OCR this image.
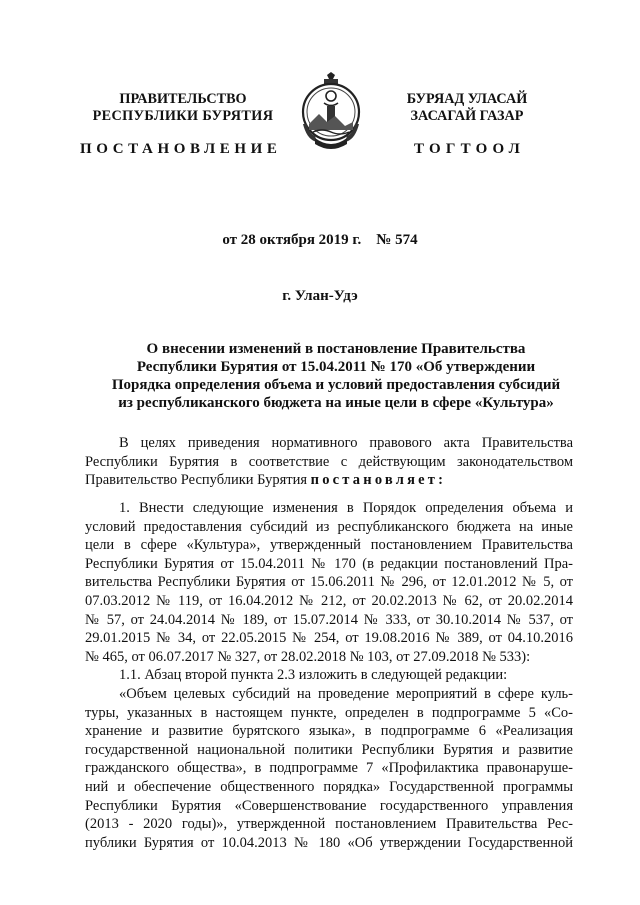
ПРАВИТЕЛЬСТВО
РЕСПУБЛИКИ БУРЯТИЯ
БУРЯАД УЛАСАЙ
ЗАСАГАЙ ГАЗАР
ПОСТАНОВЛЕНИЕ	ТОГТООЛ
от 28 октября 2019 г.    № 574
г. Улан-Удэ
О внесении изменений в постановление Правительства
Республики Бурятия от 15.04.2011 № 170 «Об утверждении
Порядка определения объема и условий предоставления субсидий
из республиканского бюджета на иные цели в сфере «Культура»
В целях приведения нормативного правового акта Правительства
Республики Бурятия в соответствие с действующим законодательством
Правительство Республики Бурятия постановляет:
1. Внести следующие изменения в Порядок определения объема и
условий предоставления субсидий из республиканского бюджета на иные
цели в сфере «Культура», утвержденный постановлением Правительства
Республики Бурятия от 15.04.2011 № 170 (в редакции постановлений Пра-
вительства Республики Бурятия от 15.06.2011 № 296, от 12.01.2012 № 5, от
07.03.2012 № 119, от 16.04.2012 № 212, от 20.02.2013 № 62, от 20.02.2014
№ 57, от 24.04.2014 № 189, от 15.07.2014 № 333, от 30.10.2014 № 537, от
29.01.2015 № 34, от 22.05.2015 № 254, от 19.08.2016 № 389, от 04.10.2016
№ 465, от 06.07.2017 № 327, от 28.02.2018 № 103, от 27.09.2018 № 533):
1.1. Абзац второй пункта 2.3 изложить в следующей редакции:
«Объем целевых субсидий на проведение мероприятий в сфере куль-
туры, указанных в настоящем пункте, определен в подпрограмме 5 «Со-
хранение и развитие бурятского языка», в подпрограмме 6 «Реализация
государственной национальной политики Республики Бурятия и развитие
гражданского общества», в подпрограмме 7 «Профилактика правонаруше-
ний и обеспечение общественного порядка» Государственной программы
Республики Бурятия «Совершенствование государственного управления
(2013 - 2020 годы)», утвержденной постановлением Правительства Рес-
публики Бурятия от 10.04.2013 № 180 «Об утверждении Государственной
